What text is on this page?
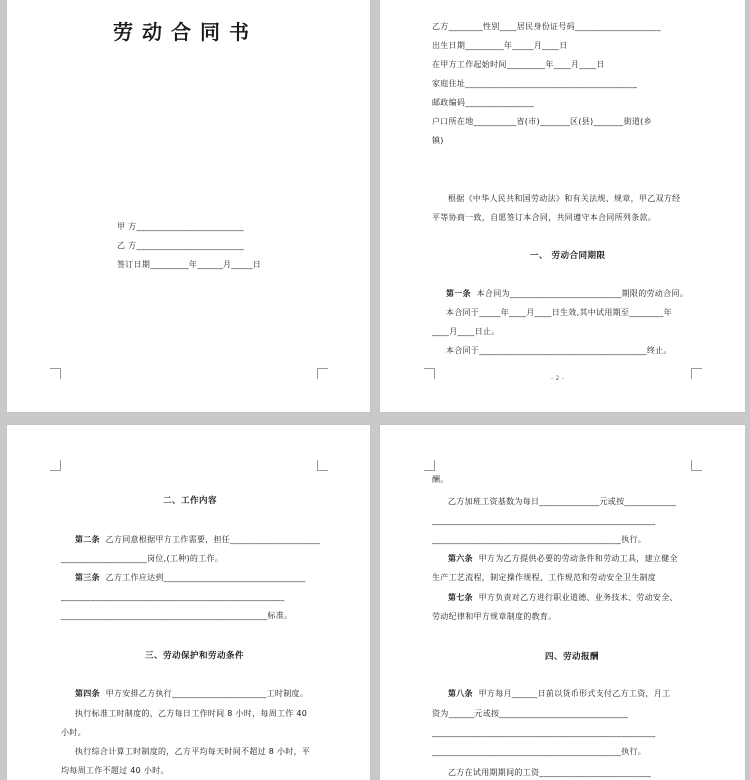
劳动合同书
甲 方_________________________
乙 方_________________________
签订日期_________年______月_____日
乙方________性别____居民身份证号码____________________
出生日期_________年_____月____日
在甲方工作起始时间_________年____月____日
家庭住址________________________________________
邮政编码________________
户口所在地__________省(市)_______区(县)_______街道(乡
镇)
根据《中华人民共和国劳动法》和有关法规、规章，甲乙双方经
平等协商一致，自愿签订本合同，共同遵守本合同所列条款。
一、 劳动合同期限
第一条 本合同为__________________________期限的劳动合同。
本合同于_____年____月____日生效,其中试用期至________年
____月____日止。
本合同于_______________________________________终止。
- 2 -
二、工作内容
第二条 乙方同意根据甲方工作需要，担任_____________________
____________________岗位,(工种)的工作。
第三条 乙方工作应达到_________________________________
____________________________________________________
________________________________________________标准。
三、劳动保护和劳动条件
第四条 甲方安排乙方执行______________________工时制度。
执行标准工时制度的，乙方每日工作时间 8 小时，每周工作 40
小时。
执行综合计算工时制度的，乙方平均每天时间不超过 8 小时，平
均每周工作不超过 40 小时。
酬。
乙方加班工资基数为每日______________元或按____________
____________________________________________________
____________________________________________执行。
第六条 甲方为乙方提供必要的劳动条件和劳动工具，建立健全
生产工艺流程，制定操作规程、工作规范和劳动安全卫生制度
第七条 甲方负责对乙方进行职业道德、业务技术、劳动安全、
劳动纪律和甲方规章制度的教育。
四、劳动报酬
第八条 甲方每月______日前以货币形式支付乙方工资，月工
资为______元或按______________________________
____________________________________________________
____________________________________________执行。
乙方在试用期期间的工资__________________________
